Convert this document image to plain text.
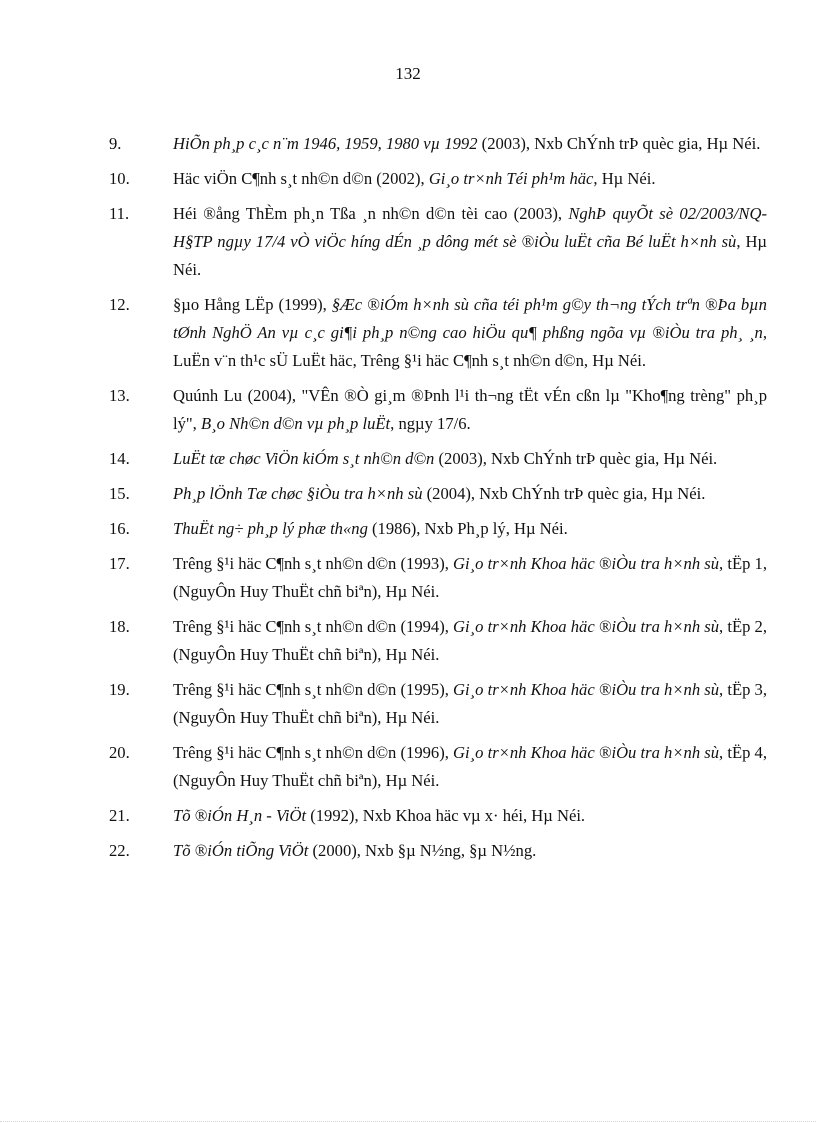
132
9.	HiÕn ph¸p c¸c n¨m 1946, 1959, 1980 vµ 1992 (2003), Nxb ChÝnh trÞ quèc gia, Hµ Néi.
10.	Häc viÖn C¶nh s¸t nh©n d©n (2002), Gi¸o tr×nh Téi ph¹m häc, Hµ Néi.
11.	Héi ®ång ThÈm ph¸n Tßa ¸n nh©n d©n tèi cao (2003), NghÞ quyÕt sè 02/2003/NQ-H§TP ngµy 17/4 vÒ viÖc híng dÉn ¸p dông mét sè ®iÒu luËt cña Bé luËt h×nh sù, Hµ Néi.
12.	§µo Hång LËp (1999), §Æc ®iÓm h×nh sù cña téi ph¹m g©y th¬ng tÝch trªn ®Þa bµn tØnh NghÖ An vµ c¸c gi¶i ph¸p n©ng cao hiÖu qu¶ phßng ngõa vµ ®iÒu tra ph¸ ¸n, LuËn v¨n th¹c sÜ LuËt häc, Trêng §¹i häc C¶nh s¸t nh©n d©n, Hµ Néi.
13.	Quúnh Lu (2004), "VÊn ®Ò gi¸m ®Þnh l¹i th¬ng tËt vÉn cßn lµ "Kho¶ng trèng" ph¸p lý", B¸o Nh©n d©n vµ ph¸p luËt, ngµy 17/6.
14.	LuËt tæ chøc ViÖn kiÓm s¸t nh©n d©n (2003), Nxb ChÝnh trÞ quèc gia, Hµ Néi.
15.	Ph¸p lÖnh Tæ chøc §iÒu tra h×nh sù (2004), Nxb ChÝnh trÞ quèc gia, Hµ Néi.
16.	ThuËt ng÷ ph¸p lý phæ th«ng (1986), Nxb Ph¸p lý, Hµ Néi.
17.	Trêng §¹i häc C¶nh s¸t nh©n d©n (1993), Gi¸o tr×nh Khoa häc ®iÒu tra h×nh sù, tËp 1, (NguyÔn Huy ThuËt chñ biªn), Hµ Néi.
18.	Trêng §¹i häc C¶nh s¸t nh©n d©n (1994), Gi¸o tr×nh Khoa häc ®iÒu tra h×nh sù, tËp 2, (NguyÔn Huy ThuËt chñ biªn), Hµ Néi.
19.	Trêng §¹i häc C¶nh s¸t nh©n d©n (1995), Gi¸o tr×nh Khoa häc ®iÒu tra h×nh sù, tËp 3, (NguyÔn Huy ThuËt chñ biªn), Hµ Néi.
20.	Trêng §¹i häc C¶nh s¸t nh©n d©n (1996), Gi¸o tr×nh Khoa häc ®iÒu tra h×nh sù, tËp 4, (NguyÔn Huy ThuËt chñ biªn), Hµ Néi.
21.	Tõ ®iÓn H¸n - ViÖt (1992), Nxb Khoa häc vµ x· héi, Hµ Néi.
22.	Tõ ®iÓn tiÕng ViÖt (2000), Nxb §µ N½ng, §µ N½ng.
